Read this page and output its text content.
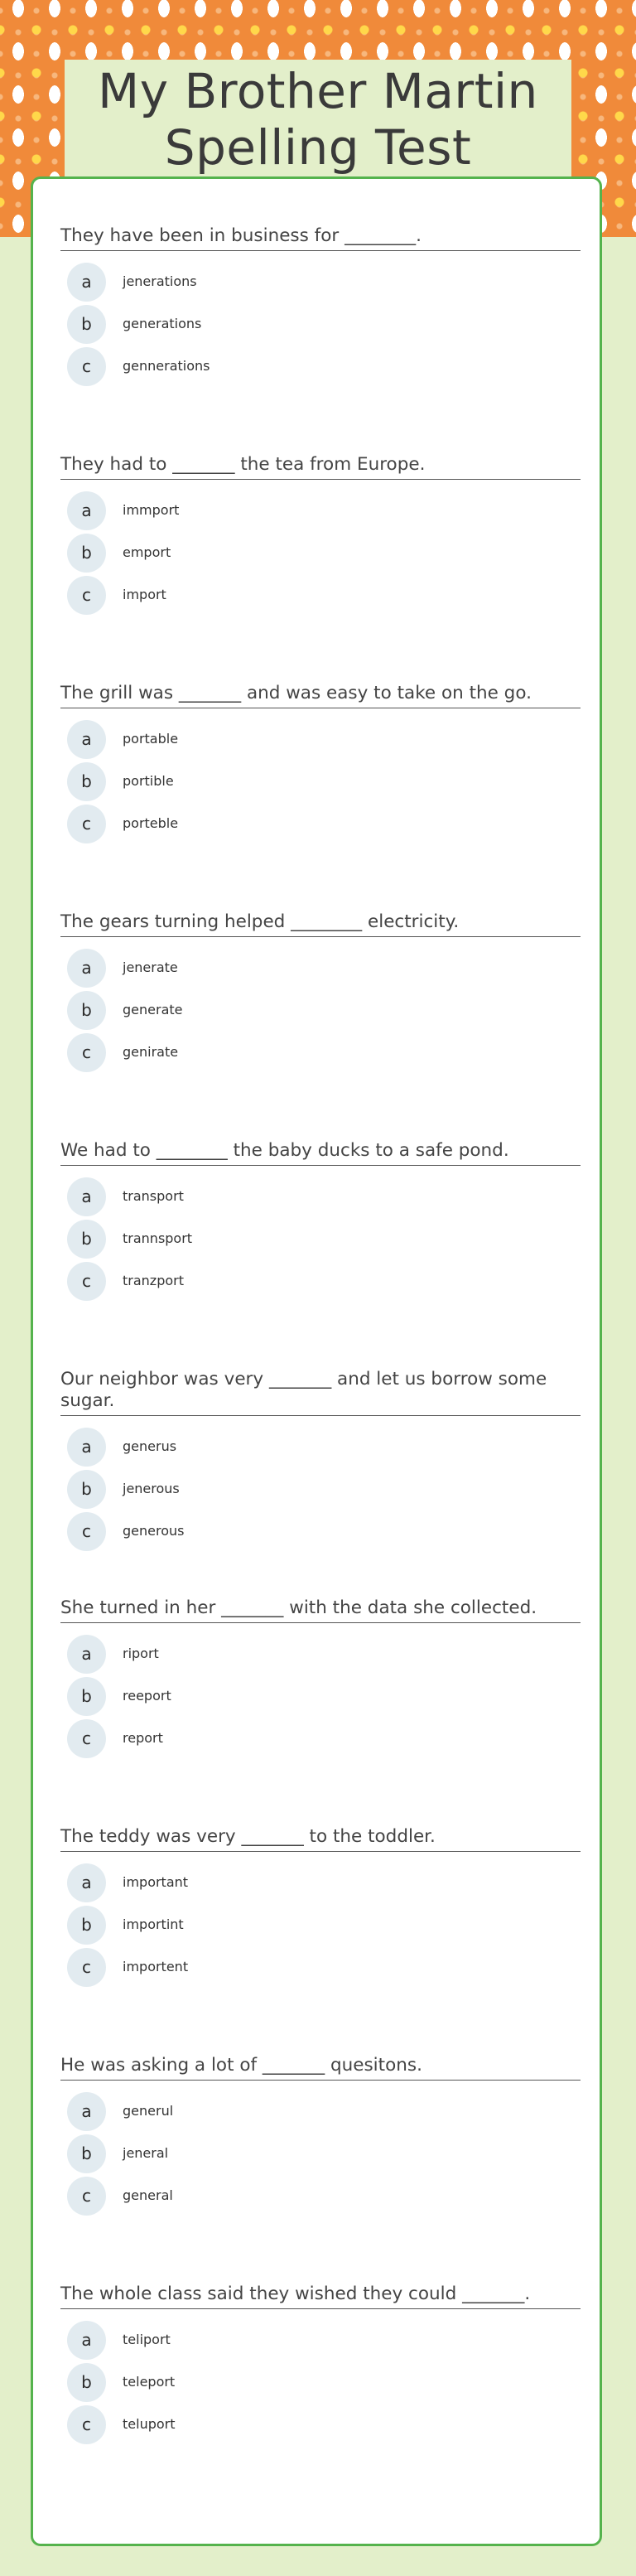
My Brother Martin Spelling Test

They have been in business for ________.

a	jenerations
b	generations
c	gennerations

They had to _______ the tea from Europe.

a	immport
b	emport
c	import

The grill was _______ and was easy to take on the go.

a	portable
b	portible
c	porteble

The gears turning helped ________ electricity.

a	jenerate
b	generate
c	genirate

We had to ________ the baby ducks to a safe pond.

a	transport
b	trannsport
c	tranzport

Our neighbor was very _______ and let us borrow some sugar.

a	generus
b	jenerous
c	generous

She turned in her _______ with the data she collected.

a	riport
b	reeport
c	report

The teddy was very _______ to the toddler.

a	important
b	importint
c	importent

He was asking a lot of _______ quesitons.

a	generul
b	jeneral
c	general

The whole class said they wished they could _______.

a	teliport
b	teleport
c	teluport
